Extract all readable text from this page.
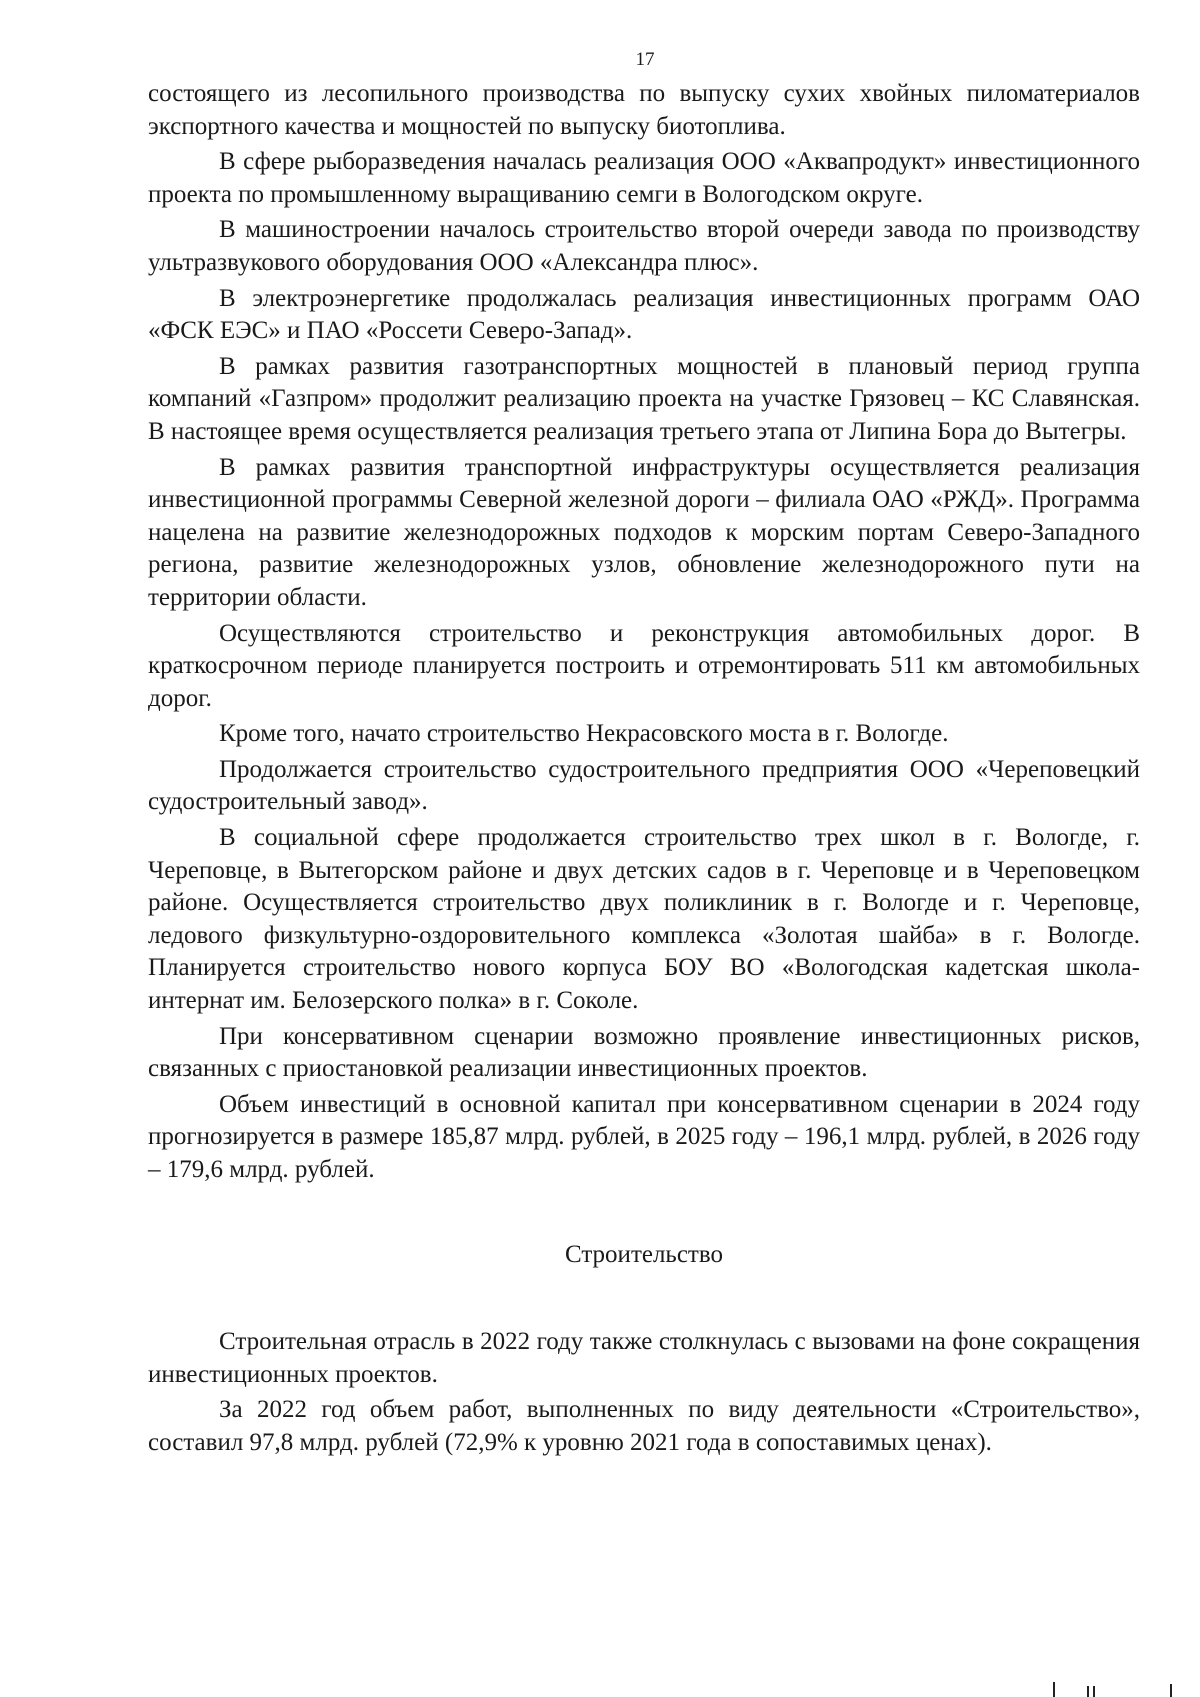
17

состоящего из лесопильного производства по выпуску сухих хвойных пиломатериалов экспортного качества и мощностей по выпуску биотоплива.

В сфере рыборазведения началась реализация ООО «Аквапродукт» инвестиционного проекта по промышленному выращиванию семги в Вологодском округе.

В машиностроении началось строительство второй очереди завода по производству ультразвукового оборудования ООО «Александра плюс».

В электроэнергетике продолжалась реализация инвестиционных программ ОАО «ФСК ЕЭС» и ПАО «Россети Северо-Запад».

В рамках развития газотранспортных мощностей в плановый период группа компаний «Газпром» продолжит реализацию проекта на участке Грязовец – КС Славянская. В настоящее время осуществляется реализация третьего этапа от Липина Бора до Вытегры.

В рамках развития транспортной инфраструктуры осуществляется реализация инвестиционной программы Северной железной дороги – филиала ОАО «РЖД». Программа нацелена на развитие железнодорожных подходов к морским портам Северо-Западного региона, развитие железнодорожных узлов, обновление железнодорожного пути на территории области.

Осуществляются строительство и реконструкция автомобильных дорог. В краткосрочном периоде планируется построить и отремонтировать 511 км автомобильных дорог.

Кроме того, начато строительство Некрасовского моста в г. Вологде.

Продолжается строительство судостроительного предприятия ООО «Череповецкий судостроительный завод».

В социальной сфере продолжается строительство трех школ в г. Вологде, г. Череповце, в Вытегорском районе и двух детских садов в г. Череповце и в Череповецком районе. Осуществляется строительство двух поликлиник в г. Вологде и г. Череповце, ледового физкультурно-оздоровительного комплекса «Золотая шайба» в г. Вологде. Планируется строительство нового корпуса БОУ ВО «Вологодская кадетская школа-интернат им. Белозерского полка» в г. Соколе.

При консервативном сценарии возможно проявление инвестиционных рисков, связанных с приостановкой реализации инвестиционных проектов.

Объем инвестиций в основной капитал при консервативном сценарии в 2024 году прогнозируется в размере 185,87 млрд. рублей, в 2025 году – 196,1 млрд. рублей, в 2026 году – 179,6 млрд. рублей.

Строительство

Строительная отрасль в 2022 году также столкнулась с вызовами на фоне сокращения инвестиционных проектов.

За 2022 год объем работ, выполненных по виду деятельности «Строительство», составил 97,8 млрд. рублей (72,9% к уровню 2021 года в сопоставимых ценах).
